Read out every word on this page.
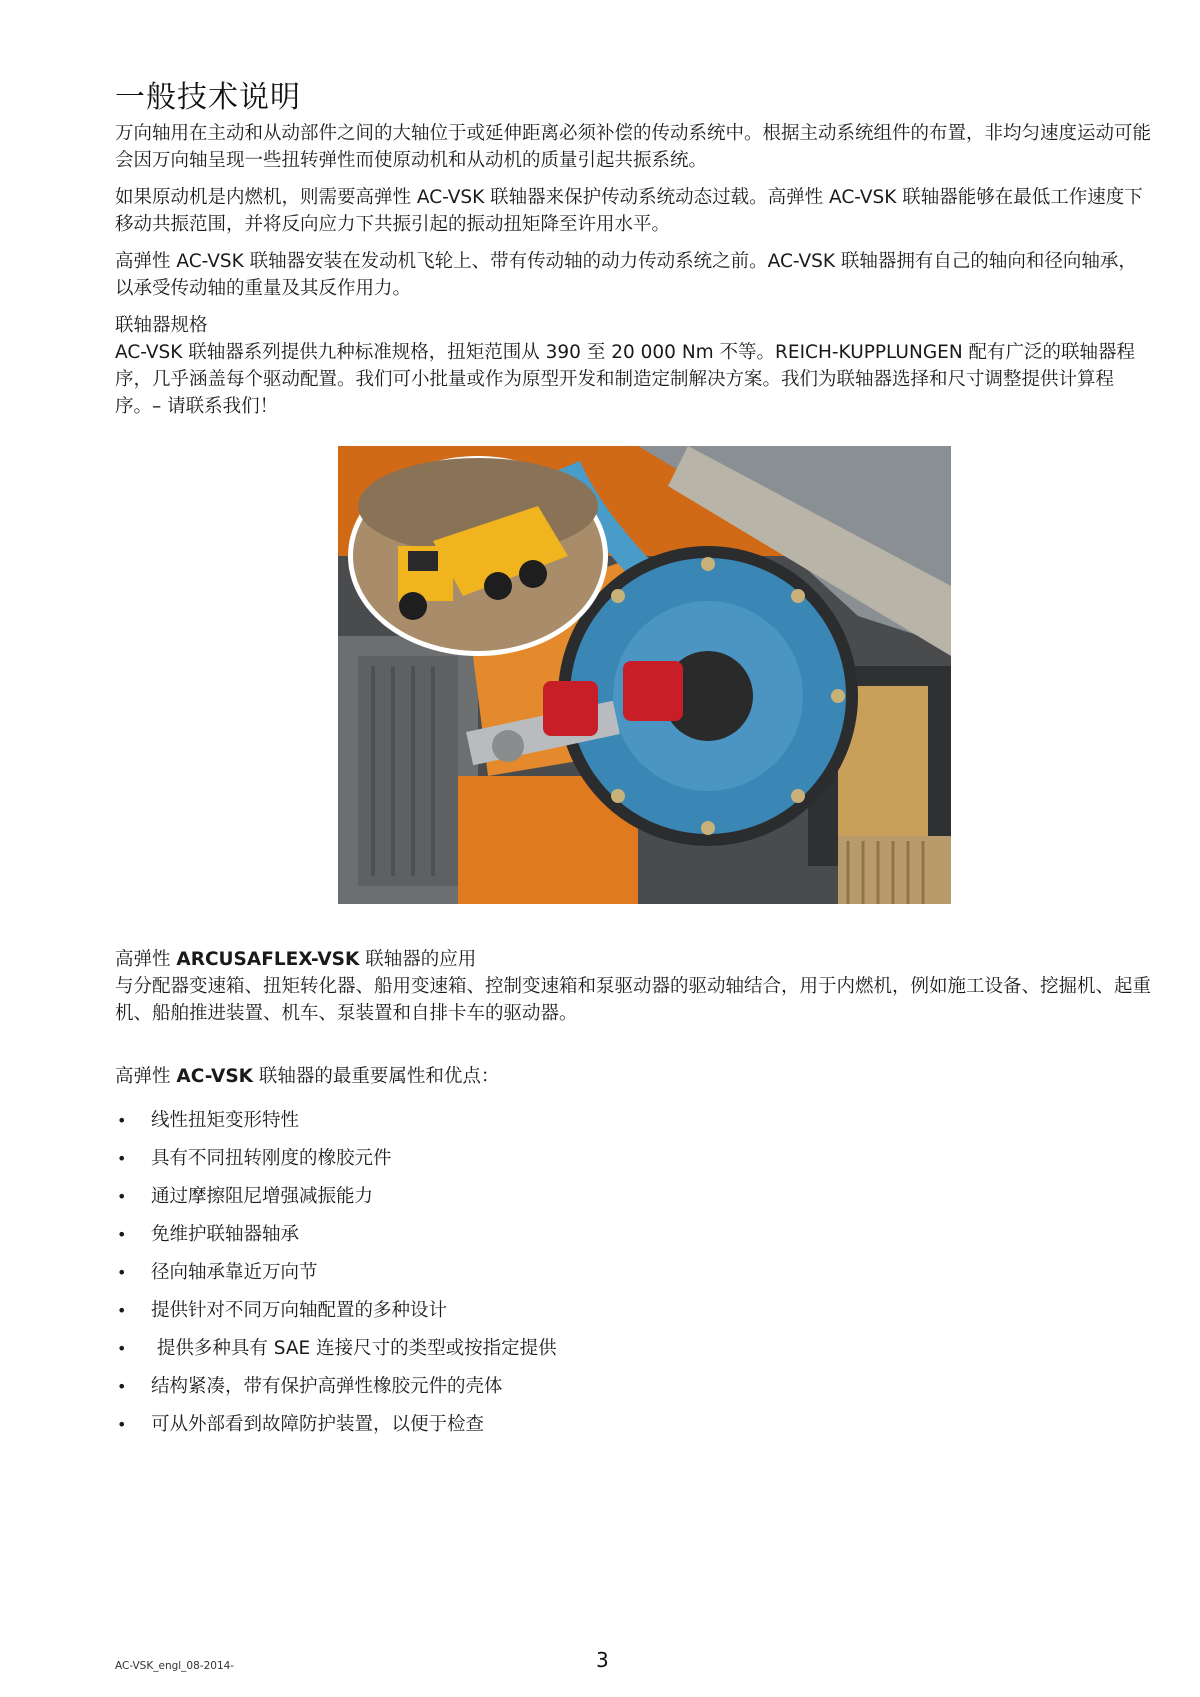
一般技术说明

万向轴用在主动和从动部件之间的大轴位于或延伸距离必须补偿的传动系统中。根据主动系统组件的布置，非均匀速度运动可能会因万向轴呈现一些扭转弹性而使原动机和从动机的质量引起共振系统。

如果原动机是内燃机，则需要高弹性 AC-VSK 联轴器来保护传动系统动态过载。高弹性 AC-VSK 联轴器能够在最低工作速度下移动共振范围，并将反向应力下共振引起的振动扭矩降至许用水平。

高弹性 AC-VSK 联轴器安装在发动机飞轮上、带有传动轴的动力传动系统之前。AC-VSK 联轴器拥有自己的轴向和径向轴承，以承受传动轴的重量及其反作用力。

联轴器规格
AC-VSK 联轴器系列提供九种标准规格，扭矩范围从 390 至 20 000 Nm 不等。REICH-KUPPLUNGEN 配有广泛的联轴器程序，几乎涵盖每个驱动配置。我们可小批量或作为原型开发和制造定制解决方案。我们为联轴器选择和尺寸调整提供计算程序。– 请联系我们！
高弹性 ARCUSAFLEX-VSK 联轴器的应用
与分配器变速箱、扭矩转化器、船用变速箱、控制变速箱和泵驱动器的驱动轴结合，用于内燃机，例如施工设备、挖掘机、起重机、船舶推进装置、机车、泵装置和自排卡车的驱动器。
高弹性 AC-VSK 联轴器的最重要属性和优点：
• 线性扭矩变形特性
• 具有不同扭转刚度的橡胶元件
• 通过摩擦阻尼增强减振能力
• 免维护联轴器轴承
• 径向轴承靠近万向节
• 提供针对不同万向轴配置的多种设计
• 提供多种具有 SAE 连接尺寸的类型或按指定提供
• 结构紧凑，带有保护高弹性橡胶元件的壳体
• 可从外部看到故障防护装置，以便于检查
AC-VSK_engl_08-2014-	3
